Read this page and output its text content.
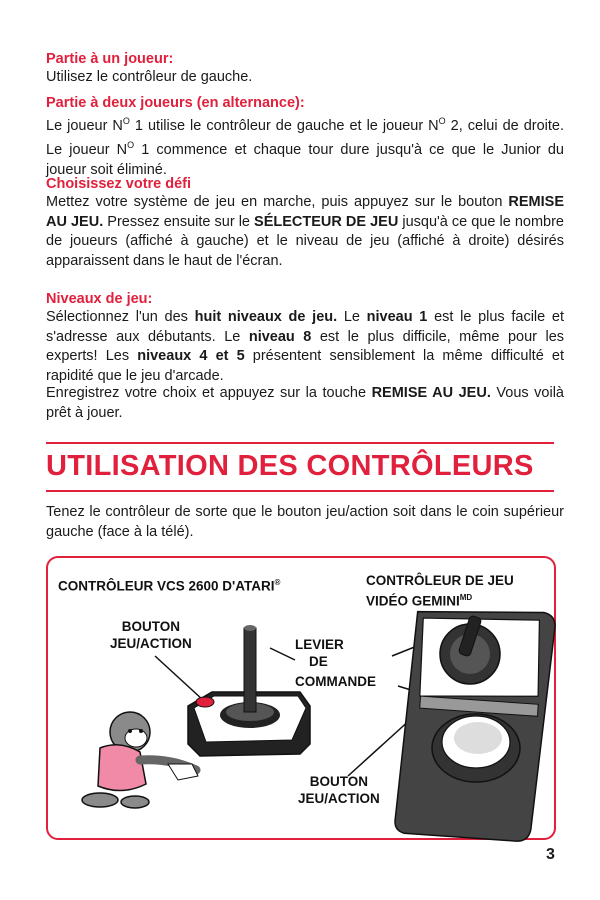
Partie à un joueur:
Utilisez le contrôleur de gauche.
Partie à deux joueurs (en alternance):
Le joueur $N^O$ 1 utilise le contrôleur de gauche et le joueur $N^O$ 2, celui de droite. Le joueur $N^O$ 1 commence et chaque tour dure jusqu'à ce que le Junior du joueur soit éliminé.
Choisissez votre défi
Mettez votre système de jeu en marche, puis appuyez sur le bouton REMISE AU JEU. Pressez ensuite sur le SÉLECTEUR DE JEU jusqu'à ce que le nombre de joueurs (affiché à gauche) et le niveau de jeu (affiché à droite) désirés apparaissent dans le haut de l'écran.
Niveaux de jeu:
Sélectionnez l'un des huit niveaux de jeu. Le niveau 1 est le plus facile et s'adresse aux débutants. Le niveau 8 est le plus difficile, même pour les experts! Les niveaux 4 et 5 présentent sensiblement la même difficulté et rapidité que le jeu d'arcade.
Enregistrez votre choix et appuyez sur la touche REMISE AU JEU. Vous voilà prêt à jouer.
UTILISATION DES CONTRÔLEURS
Tenez le contrôleur de sorte que le bouton jeu/action soit dans le coin supérieur gauche (face à la télé).
CONTRÔLEUR VCS 2600 D'ATARI®	CONTRÔLEUR DE JEU
VIDÉO $GEMINI^{MD}$
BOUTON
JEU/ACTION	LEVIER
DE
COMMANDE
BOUTON
JEU/ACTION
3
